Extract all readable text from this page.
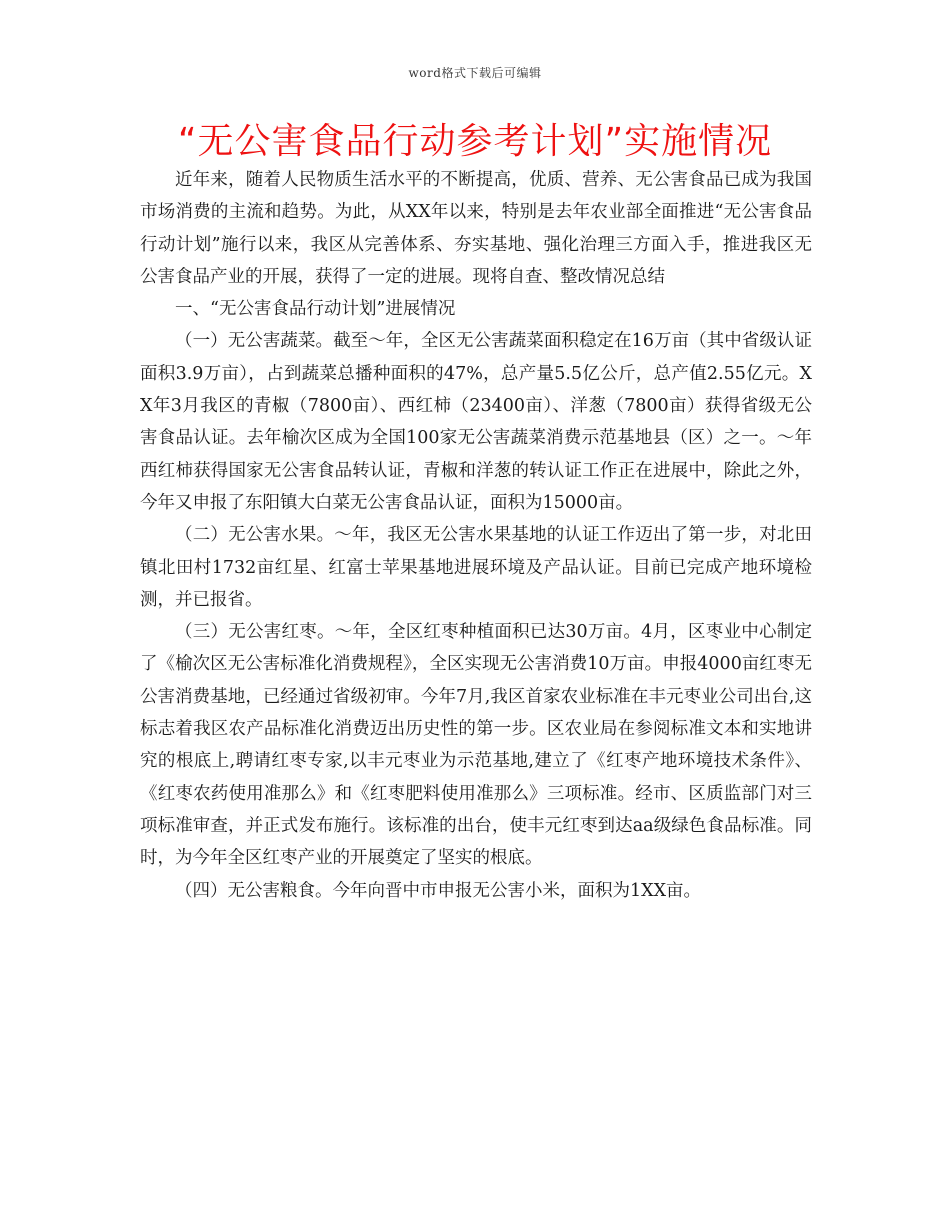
word格式下载后可编辑
“无公害食品行动参考计划”实施情况

近年来，随着人民物质生活水平的不断提高，优质、营养、无公害食品已成为我国市场消费的主流和趋势。为此，从XX年以来，特别是去年农业部全面推进“无公害食品行动计划”施行以来，我区从完善体系、夯实基地、强化治理三方面入手，推进我区无公害食品产业的开展，获得了一定的进展。现将自查、整改情况总结

一、“无公害食品行动计划”进展情况

（一）无公害蔬菜。截至～年，全区无公害蔬菜面积稳定在16万亩（其中省级认证面积3.9万亩），占到蔬菜总播种面积的47%，总产量5.5亿公斤，总产值2.55亿元。XX年3月我区的青椒（7800亩）、西红柿（23400亩）、洋葱（7800亩）获得省级无公害食品认证。去年榆次区成为全国100家无公害蔬菜消费示范基地县（区）之一。～年西红柿获得国家无公害食品转认证，青椒和洋葱的转认证工作正在进展中，除此之外，今年又申报了东阳镇大白菜无公害食品认证，面积为15000亩。

（二）无公害水果。～年，我区无公害水果基地的认证工作迈出了第一步，对北田镇北田村1732亩红星、红富士苹果基地进展环境及产品认证。目前已完成产地环境检测，并已报省。

（三）无公害红枣。～年，全区红枣种植面积已达30万亩。4月，区枣业中心制定了《榆次区无公害标准化消费规程》，全区实现无公害消费10万亩。申报4000亩红枣无公害消费基地，已经通过省级初审。今年7月,我区首家农业标准在丰元枣业公司出台,这标志着我区农产品标准化消费迈出历史性的第一步。区农业局在参阅标准文本和实地讲究的根底上,聘请红枣专家,以丰元枣业为示范基地,建立了《红枣产地环境技术条件》、《红枣农药使用准那么》和《红枣肥料使用准那么》三项标准。经市、区质监部门对三项标准审查，并正式发布施行。该标准的出台，使丰元红枣到达aa级绿色食品标准。同时，为今年全区红枣产业的开展奠定了坚实的根底。

（四）无公害粮食。今年向晋中市申报无公害小米，面积为1XX亩。
